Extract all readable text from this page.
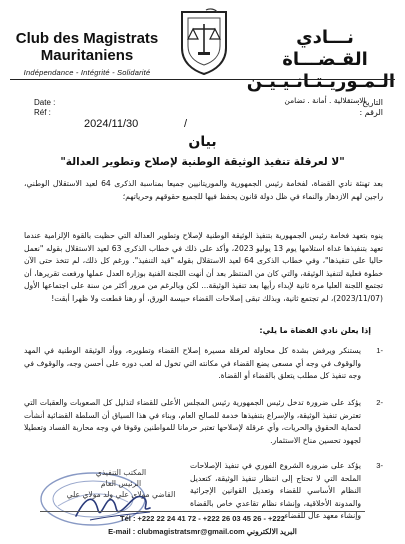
Club des Magistrats
Mauritaniens
Indépendance - Intégrité - Solidarité
نـــادي القـضـــاة
الـمـوريـتـانـيـيـن
الاستقلالية . أمانة . تضامن
Date :
Réf :
التاريخ :
الرقم :
2024/11/30	/
بيان
"لا لعرقلة تنفيذ الوثيقة الوطنية لإصلاح وتطوير العدالة"
بعد تهنئة نادي القضاة، لفخامة رئيس الجمهورية والموريتانيين جميعا بمناسبة الذكرى 64 لعيد الاستقلال الوطني، راجين لهم الازدهار والنماء في ظل دولة قانون يحفظ فيها للجميع حقوقهم وحرياتهم؛
ينوه بتعهد فخامة رئيس الجمهورية بتنفيذ الوثيقة الوطنية لإصلاح وتطوير العدالة التي حظيت بالقوة الإلزامية عندما تعهد بتنفيذها غداة استلامها يوم 13 يوليو 2023، وأكد على ذلك في خطاب الذكرى 63 لعيد الاستقلال بقوله "نعمل حاليا على تنفيذها"، وفي خطاب الذكرى 64 لعيد الاستقلال بقوله "قيد التنفيذ". ورغم كل ذلك، لم تتخذ حتى الآن خطوة فعلية لتنفيذ الوثيقة، والتي كان من المنتظر بعد أن أنهت اللجنة الفنية بوزارة العدل عملها ورفعت تقريرها، أن تجتمع اللجنة العليا مرة ثانية لإبداء رأيها بعد تنفيذ الوثيقة... لكن وبالرغم من مرور أكثر من سنة على اجتماعها الأول (2023/11/07)، لم تجتمع ثانية، وبذلك تبقى إصلاحات القضاء حبيسة الورق، أو رهنا قطعت ولا ظهرا أبقت!
إذا يعلن نادي القضاة ما يلي:
-1
يستنكر ويرفض بشدة كل محاولة لعرقلة مسيرة إصلاح القضاء وتطويره، ووأد الوثيقة الوطنية في المهد والوقوف في وجه أي مسعى يضع القضاء في مكانته التي تخول له لعب دوره على أحسن وجه، والوقوف في وجه تنفيذ كل مطلب يتعلق بالقضاء أو القضاة.
-2
يؤكد على ضرورة تدخل رئيس الجمهورية رئيس المجلس الأعلى للقضاء لتذليل كل الصعوبات والعقبات التي تعترض تنفيذ الوثيقة، والإسراع بتنفيذها خدمة للصالح العام، وبناء في هذا السياق أن السلطة القضائية أنشأت لحماية الحقوق والحريات، وأي عرقلة لإصلاحها تعتبر حرمانا للمواطنين وقوفا في وجه محاربة الفساد وتعطيلا لجهود تحسين مناخ الاستثمار.
-3
يؤكد على ضرورة الشروع الفوري في تنفيذ الإصلاحات الملحة التي لا تحتاج إلى انتظار تنفيذ الوثيقة، كتعديل النظام الأساسي للقضاء وتعديل القوانين الإجرائية والمدونة الأخلاقية، وإنشاء نظام تقاعدي خاص بالقضاة وإنشاء معهد عال للقضاء.
المكتب التنفيذي
الرئيس العام
القاضي مولاي علي ولد مولاي علي
Tél : +222 22 24 41 72 - +222 26 03 45 26 - +222
E-mail : clubmagistratsmr@gmail.com البريد الالكتروني
